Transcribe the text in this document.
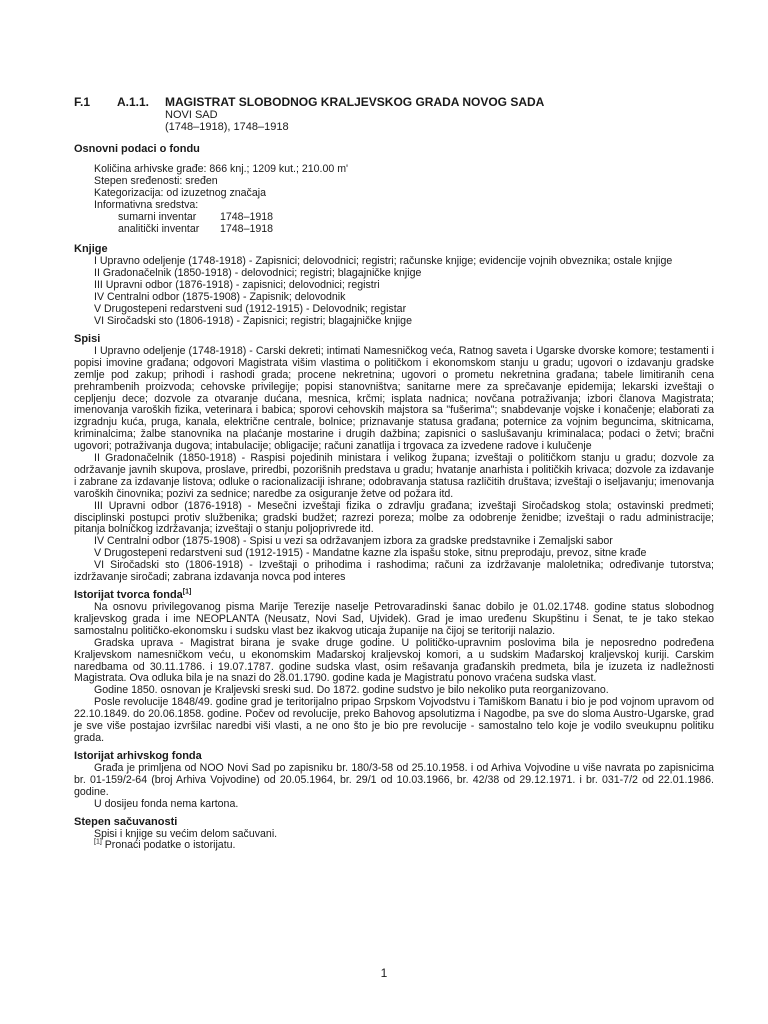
F.1 A.1.1. MAGISTRAT SLOBODNOG KRALJEVSKOG GRADA NOVOG SADA
NOVI SAD
(1748–1918), 1748–1918
Osnovni podaci o fondu
Količina arhivske građe: 866 knj.; 1209 kut.; 210.00 m'
Stepen sređenosti: sređen
Kategorizacija: od izuzetnog značaja
Informativna sredstva:
sumarni inventar	1748–1918
analitički inventar	1748–1918
Knjige

I Upravno odeljenje (1748-1918) - Zapisnici; delovodnici; registri; računske knjige; evidencije vojnih obveznika; ostale knjige

II Gradonačelnik (1850-1918) - delovodnici; registri; blagajničke knjige

III Upravni odbor (1876-1918) - zapisnici; delovodnici; registri

IV Centralni odbor (1875-1908) - Zapisnik; delovodnik

V Drugostepeni redarstveni sud (1912-1915) - Delovodnik; registar

VI Siročadski sto (1806-1918) - Zapisnici; registri; blagajničke knjige

Spisi

I Upravno odeljenje (1748-1918) - Carski dekreti; intimati Namesničkog veća, Ratnog saveta i Ugarske dvorske komore; testamenti i popisi imovine građana; odgovori Magistrata višim vlastima o političkom i ekonomskom stanju u gradu; ugovori o izdavanju gradske zemlje pod zakup; prihodi i rashodi grada; procene nekretnina; ugovori o prometu nekretnina građana; tabele limitiranih cena prehrambenih proizvoda; cehovske privilegije; popisi stanovništva; sanitarne mere za sprečavanje epidemija; lekarski izveštaji o cepljenju dece; dozvole za otvaranje dućana, mesnica, krčmi; isplata nadnica; novčana potraživanja; izbori članova Magistrata; imenovanja varoških fizika, veterinara i babica; sporovi cehovskih majstora sa "fušerima"; snabdevanje vojske i konačenje; elaborati za izgradnju kuća, pruga, kanala, električne centrale, bolnice; priznavanje statusa građana; poternice za vojnim beguncima, skitnicama, kriminalcima; žalbe stanovnika na plaćanje mostarine i drugih dažbina; zapisnici o saslušavanju kriminalaca; podaci o žetvi; bračni ugovori; potraživanja dugova; intabulacije; obligacije; računi zanatlija i trgovaca za izvedene radove i kulučenje

II Gradonačelnik (1850-1918) - Raspisi pojedinih ministara i velikog župana; izveštaji o političkom stanju u gradu; dozvole za održavanje javnih skupova, proslave, priredbi, pozorišnih predstava u gradu; hvatanje anarhista i političkih krivaca; dozvole za izdavanje i zabrane za izdavanje listova; odluke o racionalizaciji ishrane; odobravanja statusa različitih društava; izveštaji o iseljavanju; imenovanja varoških činovnika; pozivi za sednice; naredbe za osiguranje žetve od požara itd.

III Upravni odbor (1876-1918) - Mesečni izveštaji fizika o zdravlju građana; izveštaji Siročadskog stola; ostavinski predmeti; disciplinski postupci protiv službenika; gradski budžet; razrezi poreza; molbe za odobrenje ženidbe; izveštaji o radu administracije; pitanja bolničkog izdržavanja; izveštaji o stanju poljoprivrede itd.

IV Centralni odbor (1875-1908) - Spisi u vezi sa održavanjem izbora za gradske predstavnike i Zemaljski sabor

V Drugostepeni redarstveni sud (1912-1915) - Mandatne kazne zla ispašu stoke, sitnu preprodaju, prevoz, sitne krađe

VI Siročadski sto (1806-1918) - Izveštaji o prihodima i rashodima; računi za izdržavanje maloletnika; određivanje tutorstva; izdržavanje siročadi; zabrana izdavanja novca pod interes

Istorijat tvorca fonda[1]

Na osnovu privilegovanog pisma Marije Terezije naselje Petrovaradinski šanac dobilo je 01.02.1748. godine status slobodnog kraljevskog grada i ime NEOPLANTA (Neusatz, Novi Sad, Ujvidek). Grad je imao uređenu Skupštinu i Senat, te je tako stekao samostalnu političko-ekonomsku i sudsku vlast bez ikakvog uticaja županije na čijoj se teritoriji nalazio.

Gradska uprava - Magistrat birana je svake druge godine. U političko-upravnim poslovima bila je neposredno podređena Kraljevskom namesničkom veću, u ekonomskim Mađarskoj kraljevskoj komori, a u sudskim Mađarskoj kraljevskoj kuriji. Carskim naredbama od 30.11.1786. i 19.07.1787. godine sudska vlast, osim rešavanja građanskih predmeta, bila je izuzeta iz nadležnosti Magistrata. Ova odluka bila je na snazi do 28.01.1790. godine kada je Magistratu ponovo vraćena sudska vlast.

Godine 1850. osnovan je Kraljevski sreski sud. Do 1872. godine sudstvo je bilo nekoliko puta reorganizovano.

Posle revolucije 1848/49. godine grad je teritorijalno pripao Srpskom Vojvodstvu i Tamiškom Banatu i bio je pod vojnom upravom od 22.10.1849. do 20.06.1858. godine. Počev od revolucije, preko Bahovog apsolutizma i Nagodbe, pa sve do sloma Austro-Ugarske, grad je sve više postajao izvršilac naredbi viši vlasti, a ne ono što je bio pre revolucije - samostalno telo koje je vodilo sveukupnu politiku grada.

Istorijat arhivskog fonda

Građa je primljena od NOO Novi Sad po zapisniku br. 180/3-58 od 25.10.1958. i od Arhiva Vojvodine u više navrata po zapisnicima br. 01-159/2-64 (broj Arhiva Vojvodine) od 20.05.1964, br. 29/1 od 10.03.1966, br. 42/38 od 29.12.1971. i br. 031-7/2 od 22.01.1986. godine.

U dosijeu fonda nema kartona.

Stepen sačuvanosti

Spisi i knjige su većim delom sačuvani.

[1] Pronaći podatke o istorijatu.

1
